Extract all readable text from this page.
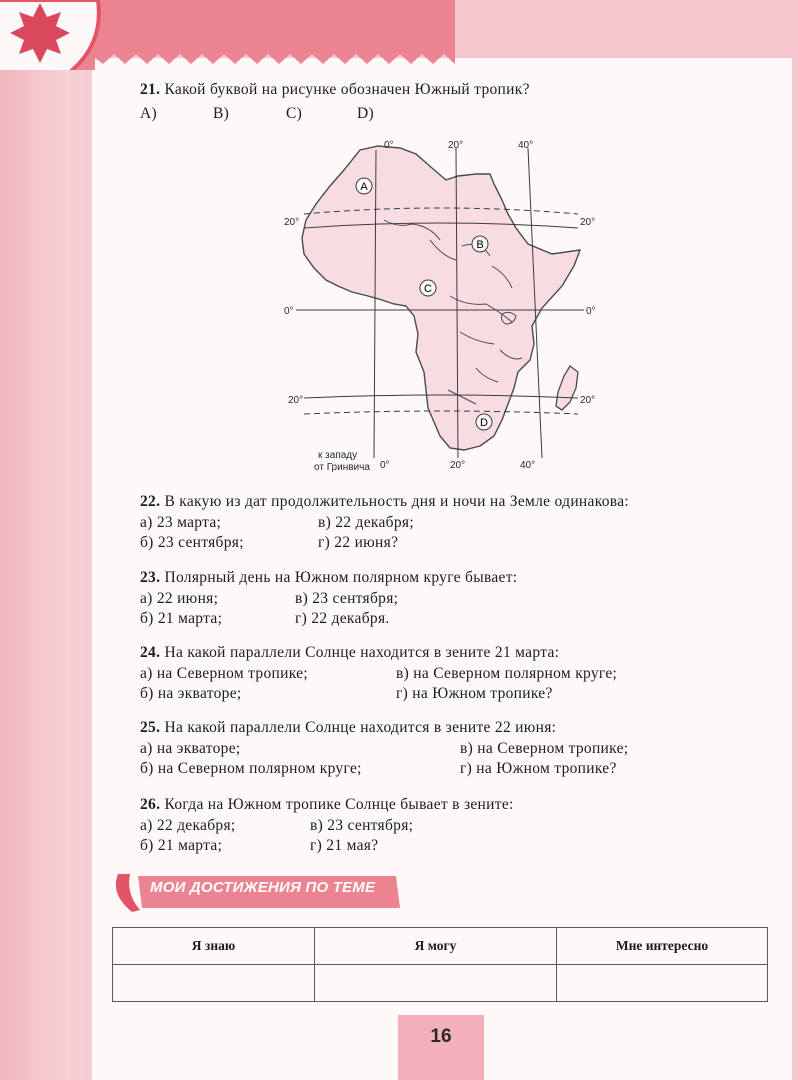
21. Какой буквой на рисунке обозначен Южный тропик?
A)	B)	C)	D)
A
B
C
D
0°	20°	40°
20°
0°
20°
20°
0°
20°
0°	20°	40°
к западу
от Гринвича
22. В какую из дат продолжительность дня и ночи на Земле одинакова:
а) 23 марта;	в) 22 декабря;
б) 23 сентября;	г) 22 июня?
23. Полярный день на Южном полярном круге бывает:
а) 22 июня;	в) 23 сентября;
б) 21 марта;	г) 22 декабря.
24. На какой параллели Солнце находится в зените 21 марта:
а) на Северном тропике;	в) на Северном полярном круге;
б) на экваторе;	г) на Южном тропике?
25. На какой параллели Солнце находится в зените 22 июня:
а) на экваторе;	в) на Северном тропике;
б) на Северном полярном круге;	г) на Южном тропике?
26. Когда на Южном тропике Солнце бывает в зените:
а) 22 декабря;	в) 23 сентября;
б) 21 марта;	г) 21 мая?
МОИ ДОСТИЖЕНИЯ ПО ТЕМЕ
Я знаю	Я могу	Мне интересно

16
